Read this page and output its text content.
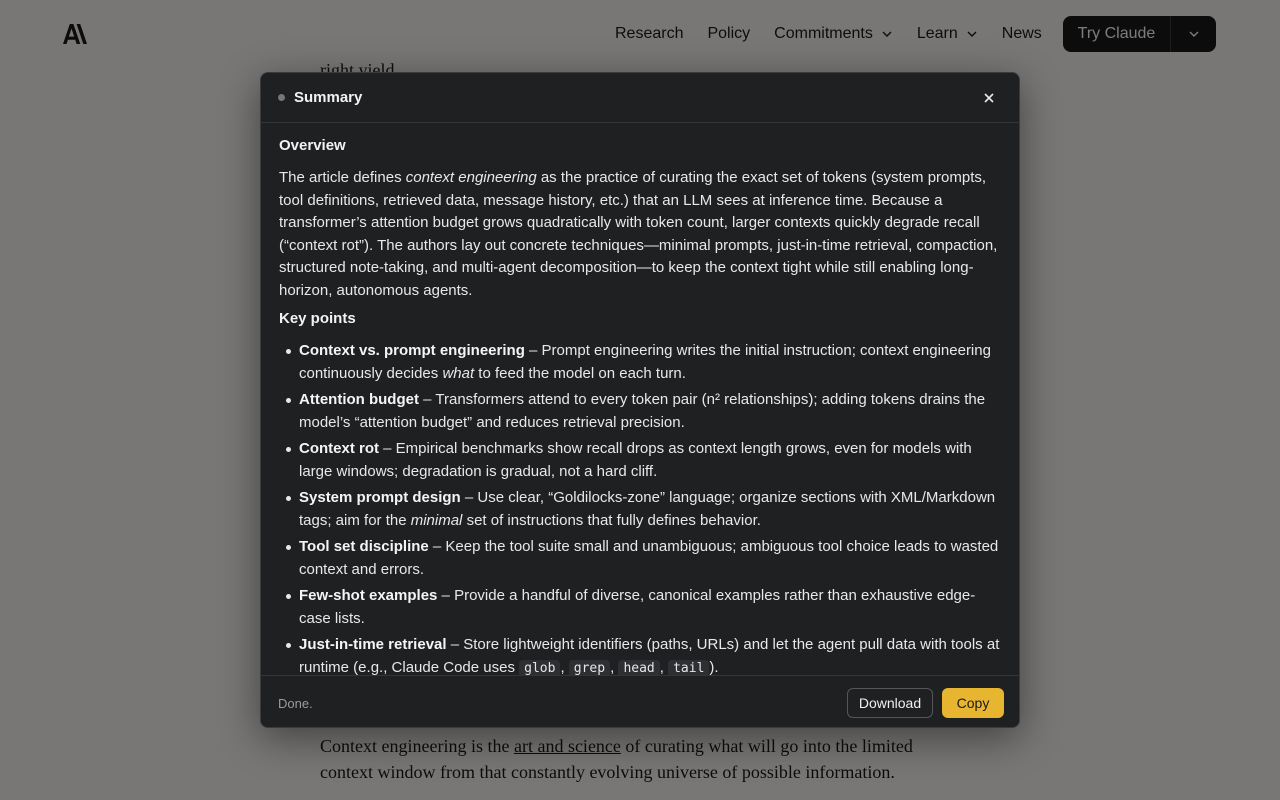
Summary
Overview

The article defines context engineering as the practice of curating the exact set of tokens (system prompts, tool definitions, retrieved data, message history, etc.) that an LLM sees at inference time. Because a transformer’s attention budget grows quadratically with token count, larger contexts quickly degrade recall (“context rot”). The authors lay out concrete techniques—minimal prompts, just-in-time retrieval, compaction, structured note-taking, and multi-agent decomposition—to keep the context tight while still enabling long-horizon, autonomous agents.

Key points
Context vs. prompt engineering – Prompt engineering writes the initial instruction; context engineering continuously decides what to feed the model on each turn.
Attention budget – Transformers attend to every token pair (n² relationships); adding tokens drains the model’s “attention budget” and reduces retrieval precision.
Context rot – Empirical benchmarks show recall drops as context length grows, even for models with large windows; degradation is gradual, not a hard cliff.
System prompt design – Use clear, “Goldilocks-zone” language; organize sections with XML/Markdown tags; aim for the minimal set of instructions that fully defines behavior.
Tool set discipline – Keep the tool suite small and unambiguous; ambiguous tool choice leads to wasted context and errors.
Few-shot examples – Provide a handful of diverse, canonical examples rather than exhaustive edge-case lists.
Just-in-time retrieval – Store lightweight identifiers (paths, URLs) and let the agent pull data with tools at runtime (e.g., Claude Code uses glob , grep , head , tail ).
Done.	Download	Copy
